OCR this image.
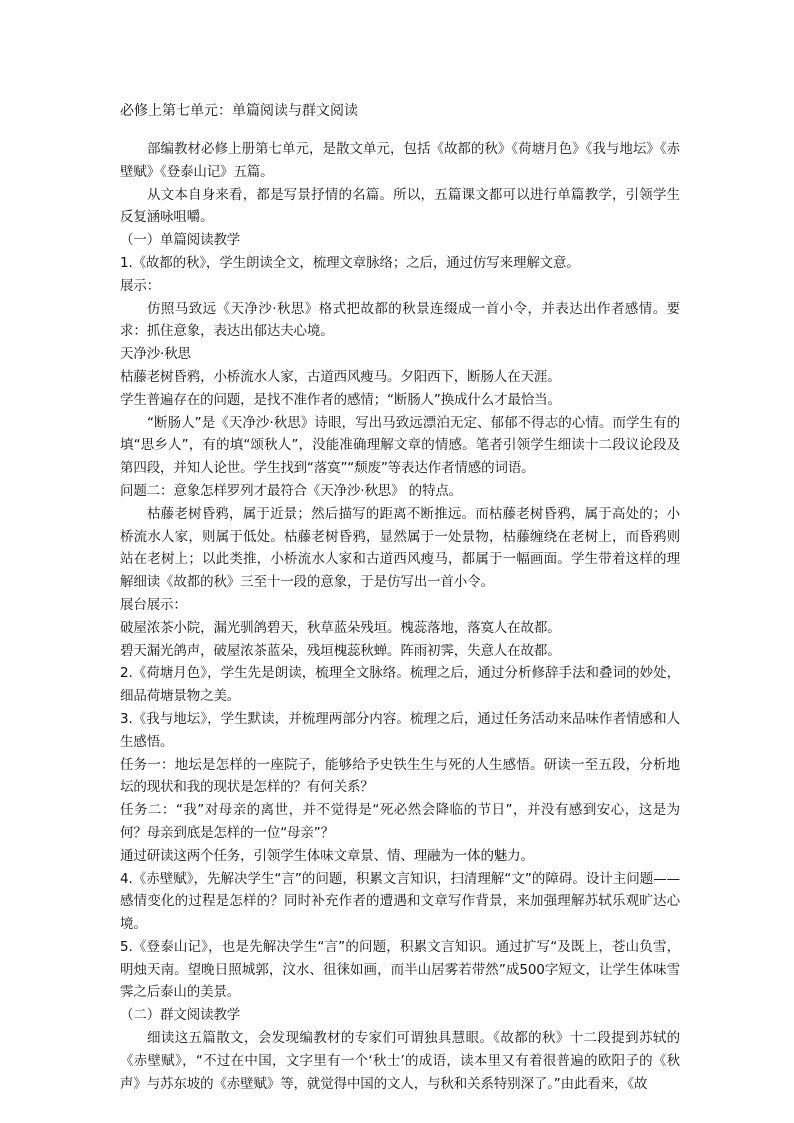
必修上第七单元：单篇阅读与群文阅读

部编教材必修上册第七单元，是散文单元，包括《故都的秋》《荷塘月色》《我与地坛》《赤壁赋》《登泰山记》五篇。

从文本自身来看，都是写景抒情的名篇。所以，五篇课文都可以进行单篇教学，引领学生反复涵咏咀嚼。

（一）单篇阅读教学

1.《故都的秋》，学生朗读全文，梳理文章脉络；之后，通过仿写来理解文意。

展示：

仿照马致远《天净沙·秋思》格式把故都的秋景连缀成一首小令，并表达出作者感情。要求：抓住意象，表达出郁达夫心境。

天净沙·秋思

枯藤老树昏鸦，小桥流水人家，古道西风瘦马。夕阳西下，断肠人在天涯。

学生普遍存在的问题，是找不准作者的感情；“断肠人”换成什么才最恰当。

“断肠人”是《天净沙·秋思》诗眼，写出马致远漂泊无定、郁郁不得志的心情。而学生有的填“思乡人”，有的填“颂秋人”，没能准确理解文章的情感。笔者引领学生细读十二段议论段及第四段，并知人论世。学生找到“落寞”“颓废”等表达作者情感的词语。

问题二：意象怎样罗列才最符合《天净沙·秋思》 的特点。

枯藤老树昏鸦，属于近景；然后描写的距离不断推远。而枯藤老树昏鸦，属于高处的；小桥流水人家，则属于低处。枯藤老树昏鸦，显然属于一处景物，枯藤缠绕在老树上，而昏鸦则站在老树上；以此类推，小桥流水人家和古道西风瘦马，都属于一幅画面。学生带着这样的理解细读《故都的秋》三至十一段的意象，于是仿写出一首小令。

展台展示：

破屋浓茶小院，漏光驯鸽碧天，秋草蓝朵残垣。槐蕊落地，落寞人在故都。

碧天漏光鸽声，破屋浓茶蓝朵，残垣槐蕊秋蝉。阵雨初霁，失意人在故都。

2.《荷塘月色》，学生先是朗读，梳理全文脉络。梳理之后，通过分析修辞手法和叠词的妙处，细品荷塘景物之美。

3.《我与地坛》，学生默读，并梳理两部分内容。梳理之后，通过任务活动来品味作者情感和人生感悟。

任务一：地坛是怎样的一座院子，能够给予史铁生生与死的人生感悟。研读一至五段，分析地坛的现状和我的现状是怎样的？有何关系？

任务二：“我”对母亲的离世，并不觉得是“死必然会降临的节日”，并没有感到安心，这是为何？母亲到底是怎样的一位“母亲”？

通过研读这两个任务，引领学生体味文章景、情、理融为一体的魅力。

4.《赤壁赋》，先解决学生“言”的问题，积累文言知识，扫清理解“文”的障碍。设计主问题——感情变化的过程是怎样的？同时补充作者的遭遇和文章写作背景，来加强理解苏轼乐观旷达心境。

5.《登泰山记》，也是先解决学生“言”的问题，积累文言知识。通过扩写“及既上，苍山负雪，明烛天南。望晚日照城郭，汶水、徂徕如画，而半山居雾若带然”成500字短文，让学生体味雪霁之后泰山的美景。

（二）群文阅读教学

细读这五篇散文，会发现编教材的专家们可谓独具慧眼。《故都的秋》十二段提到苏轼的《赤壁赋》，“不过在中国，文字里有一个‘秋士’的成语，读本里又有着很普遍的欧阳子的《秋声》与苏东坡的《赤壁赋》等，就觉得中国的文人，与秋和关系特别深了。”由此看来，《故
